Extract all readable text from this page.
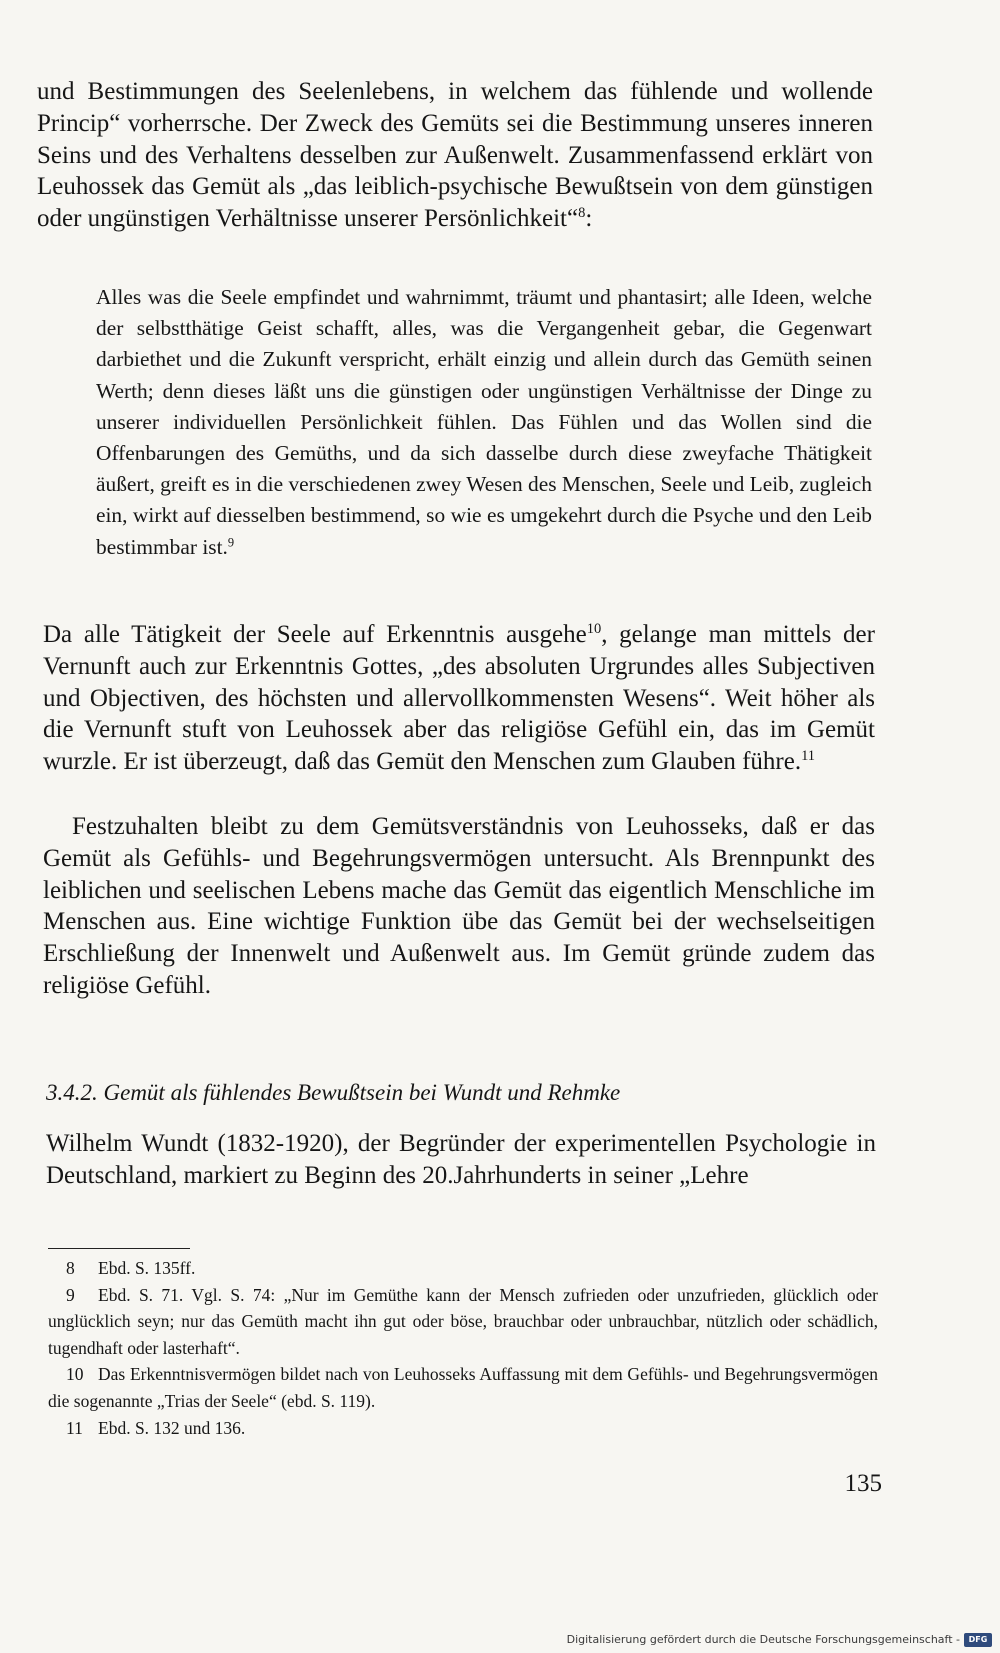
und Bestimmungen des Seelenlebens, in welchem das fühlende und wollende Princip“ vorherrsche. Der Zweck des Gemüts sei die Bestimmung unseres inneren Seins und des Verhaltens desselben zur Außenwelt. Zusammenfassend erklärt von Leuhossek das Gemüt als „das leiblich-psychische Bewußtsein von dem günstigen oder ungünstigen Verhältnisse unserer Persönlichkeit“$^8$:

Alles was die Seele empfindet und wahrnimmt, träumt und phantasirt; alle Ideen, welche der selbstthätige Geist schafft, alles, was die Vergangenheit gebar, die Gegenwart darbiethet und die Zukunft verspricht, erhält einzig und allein durch das Gemüth seinen Werth; denn dieses läßt uns die günstigen oder ungünstigen Verhältnisse der Dinge zu unserer individuellen Persönlichkeit fühlen. Das Fühlen und das Wollen sind die Offenbarungen des Gemüths, und da sich dasselbe durch diese zweyfache Thätigkeit äußert, greift es in die verschiedenen zwey Wesen des Menschen, Seele und Leib, zugleich ein, wirkt auf diesselben bestimmend, so wie es umgekehrt durch die Psyche und den Leib bestimmbar ist.$^9$

Da alle Tätigkeit der Seele auf Erkenntnis ausgehe$^{10}$, gelange man mittels der Vernunft auch zur Erkenntnis Gottes, „des absoluten Urgrundes alles Subjectiven und Objectiven, des höchsten und allervollkommensten Wesens“. Weit höher als die Vernunft stuft von Leuhossek aber das religiöse Gefühl ein, das im Gemüt wurzle. Er ist überzeugt, daß das Gemüt den Menschen zum Glauben führe.$^{11}$

Festzuhalten bleibt zu dem Gemütsverständnis von Leuhosseks, daß er das Gemüt als Gefühls- und Begehrungsvermögen untersucht. Als Brennpunkt des leiblichen und seelischen Lebens mache das Gemüt das eigentlich Menschliche im Menschen aus. Eine wichtige Funktion übe das Gemüt bei der wechselseitigen Erschließung der Innenwelt und Außenwelt aus. Im Gemüt gründe zudem das religiöse Gefühl.

3.4.2. Gemüt als fühlendes Bewußtsein bei Wundt und Rehmke

Wilhelm Wundt (1832-1920), der Begründer der experimentellen Psychologie in Deutschland, markiert zu Beginn des 20.Jahrhunderts in seiner „Lehre

8 Ebd. S. 135ff.

9 Ebd. S. 71. Vgl. S. 74: „Nur im Gemüthe kann der Mensch zufrieden oder unzufrieden, glücklich oder unglücklich seyn; nur das Gemüth macht ihn gut oder böse, brauchbar oder unbrauchbar, nützlich oder schädlich, tugendhaft oder lasterhaft“.

10 Das Erkenntnisvermögen bildet nach von Leuhosseks Auffassung mit dem Gefühls- und Begehrungsvermögen die sogenannte „Trias der Seele“ (ebd. S. 119).

11 Ebd. S. 132 und 136.

135
Digitalisierung gefördert durch die Deutsche Forschungsgemeinschaft -	DFG
